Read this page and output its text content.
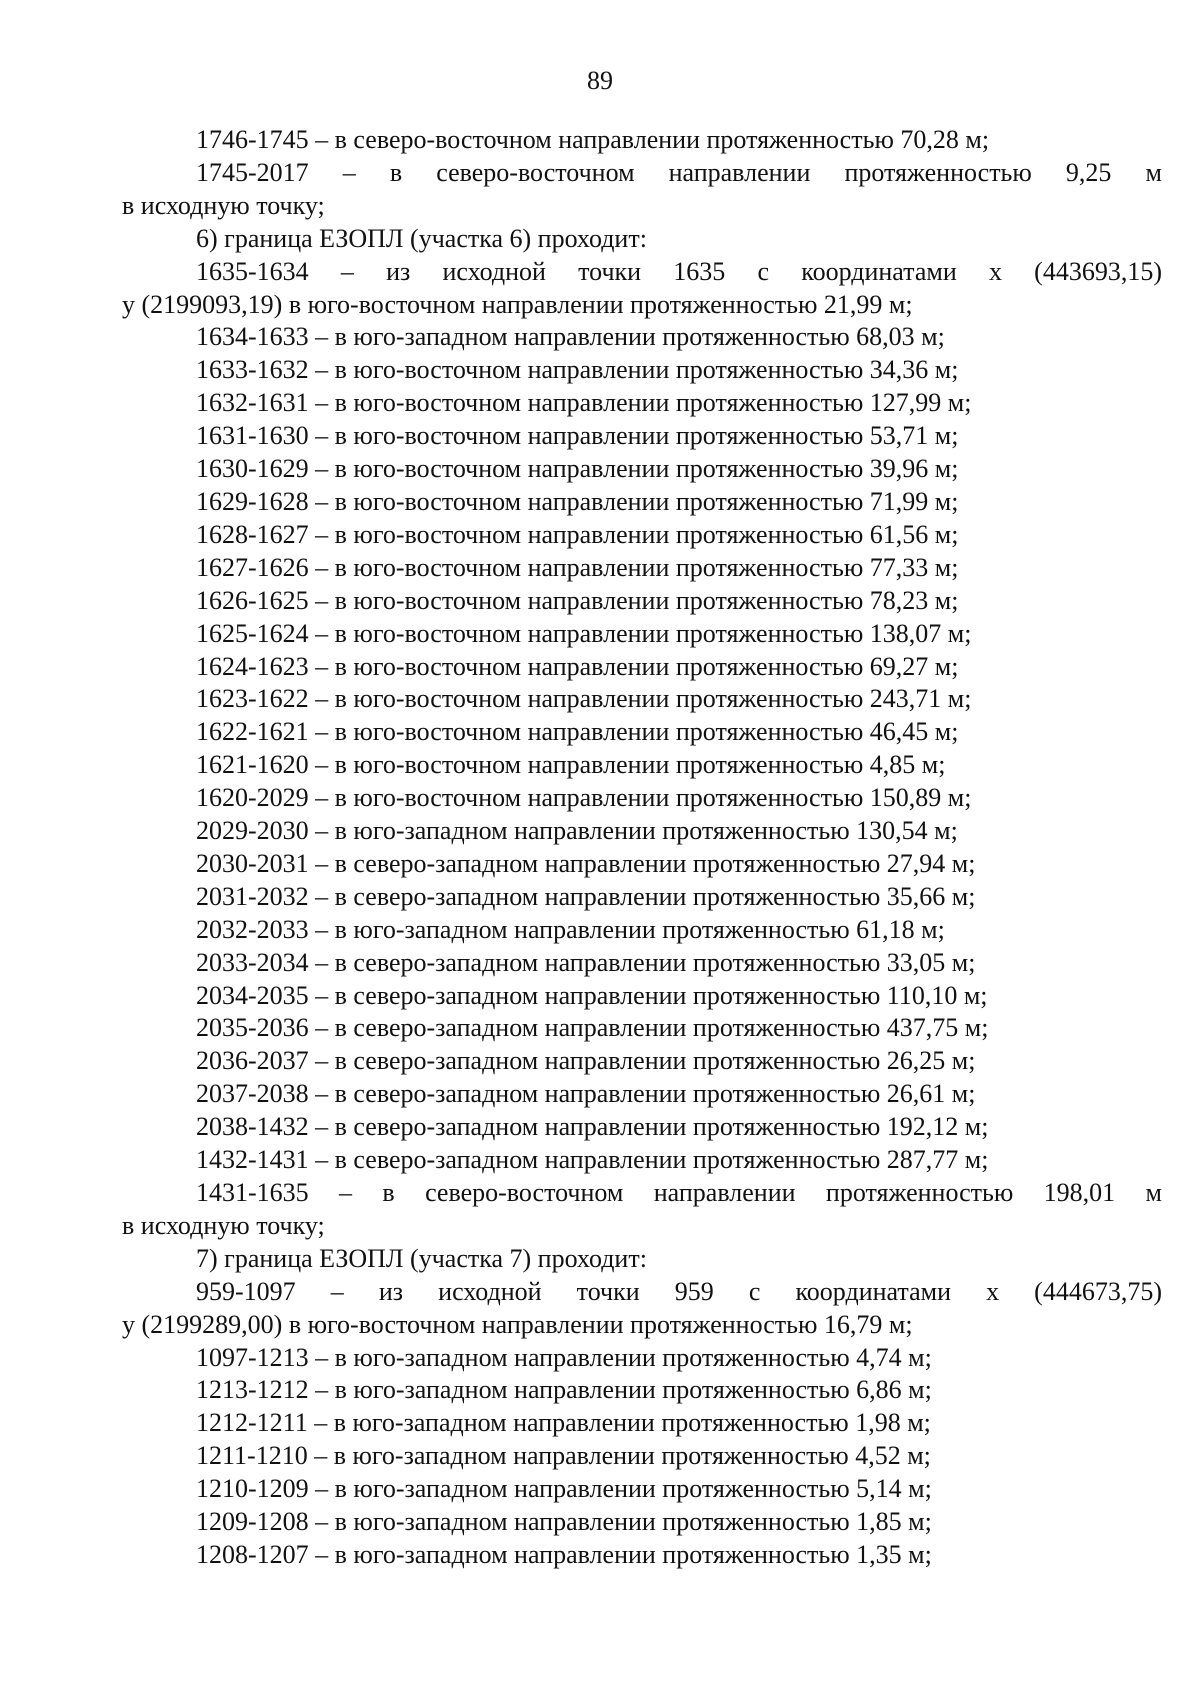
89

1746-1745 – в северо-восточном направлении протяженностью 70,28 м;

1745-2017 – в северо-восточном направлении протяженностью 9,25 м

в исходную точку;

6) граница ЕЗОПЛ (участка 6) проходит:

1635-1634 – из исходной точки 1635 с координатами x (443693,15)

y (2199093,19) в юго-восточном направлении протяженностью 21,99 м;

1634-1633 – в юго-западном направлении протяженностью 68,03 м;

1633-1632 – в юго-восточном направлении протяженностью 34,36 м;

1632-1631 – в юго-восточном направлении протяженностью 127,99 м;

1631-1630 – в юго-восточном направлении протяженностью 53,71 м;

1630-1629 – в юго-восточном направлении протяженностью 39,96 м;

1629-1628 – в юго-восточном направлении протяженностью 71,99 м;

1628-1627 – в юго-восточном направлении протяженностью 61,56 м;

1627-1626 – в юго-восточном направлении протяженностью 77,33 м;

1626-1625 – в юго-восточном направлении протяженностью 78,23 м;

1625-1624 – в юго-восточном направлении протяженностью 138,07 м;

1624-1623 – в юго-восточном направлении протяженностью 69,27 м;

1623-1622 – в юго-восточном направлении протяженностью 243,71 м;

1622-1621 – в юго-восточном направлении протяженностью 46,45 м;

1621-1620 – в юго-восточном направлении протяженностью 4,85 м;

1620-2029 – в юго-восточном направлении протяженностью 150,89 м;

2029-2030 – в юго-западном направлении протяженностью 130,54 м;

2030-2031 – в северо-западном направлении протяженностью 27,94 м;

2031-2032 – в северо-западном направлении протяженностью 35,66 м;

2032-2033 – в юго-западном направлении протяженностью 61,18 м;

2033-2034 – в северо-западном направлении протяженностью 33,05 м;

2034-2035 – в северо-западном направлении протяженностью 110,10 м;

2035-2036 – в северо-западном направлении протяженностью 437,75 м;

2036-2037 – в северо-западном направлении протяженностью 26,25 м;

2037-2038 – в северо-западном направлении протяженностью 26,61 м;

2038-1432 – в северо-западном направлении протяженностью 192,12 м;

1432-1431 – в северо-западном направлении протяженностью 287,77 м;

1431-1635 – в северо-восточном направлении протяженностью 198,01 м

в исходную точку;

7) граница ЕЗОПЛ (участка 7) проходит:

959-1097 – из исходной точки 959 с координатами x (444673,75)

y (2199289,00) в юго-восточном направлении протяженностью 16,79 м;

1097-1213 – в юго-западном направлении протяженностью 4,74 м;

1213-1212 – в юго-западном направлении протяженностью 6,86 м;

1212-1211 – в юго-западном направлении протяженностью 1,98 м;

1211-1210 – в юго-западном направлении протяженностью 4,52 м;

1210-1209 – в юго-западном направлении протяженностью 5,14 м;

1209-1208 – в юго-западном направлении протяженностью 1,85 м;

1208-1207 – в юго-западном направлении протяженностью 1,35 м;
